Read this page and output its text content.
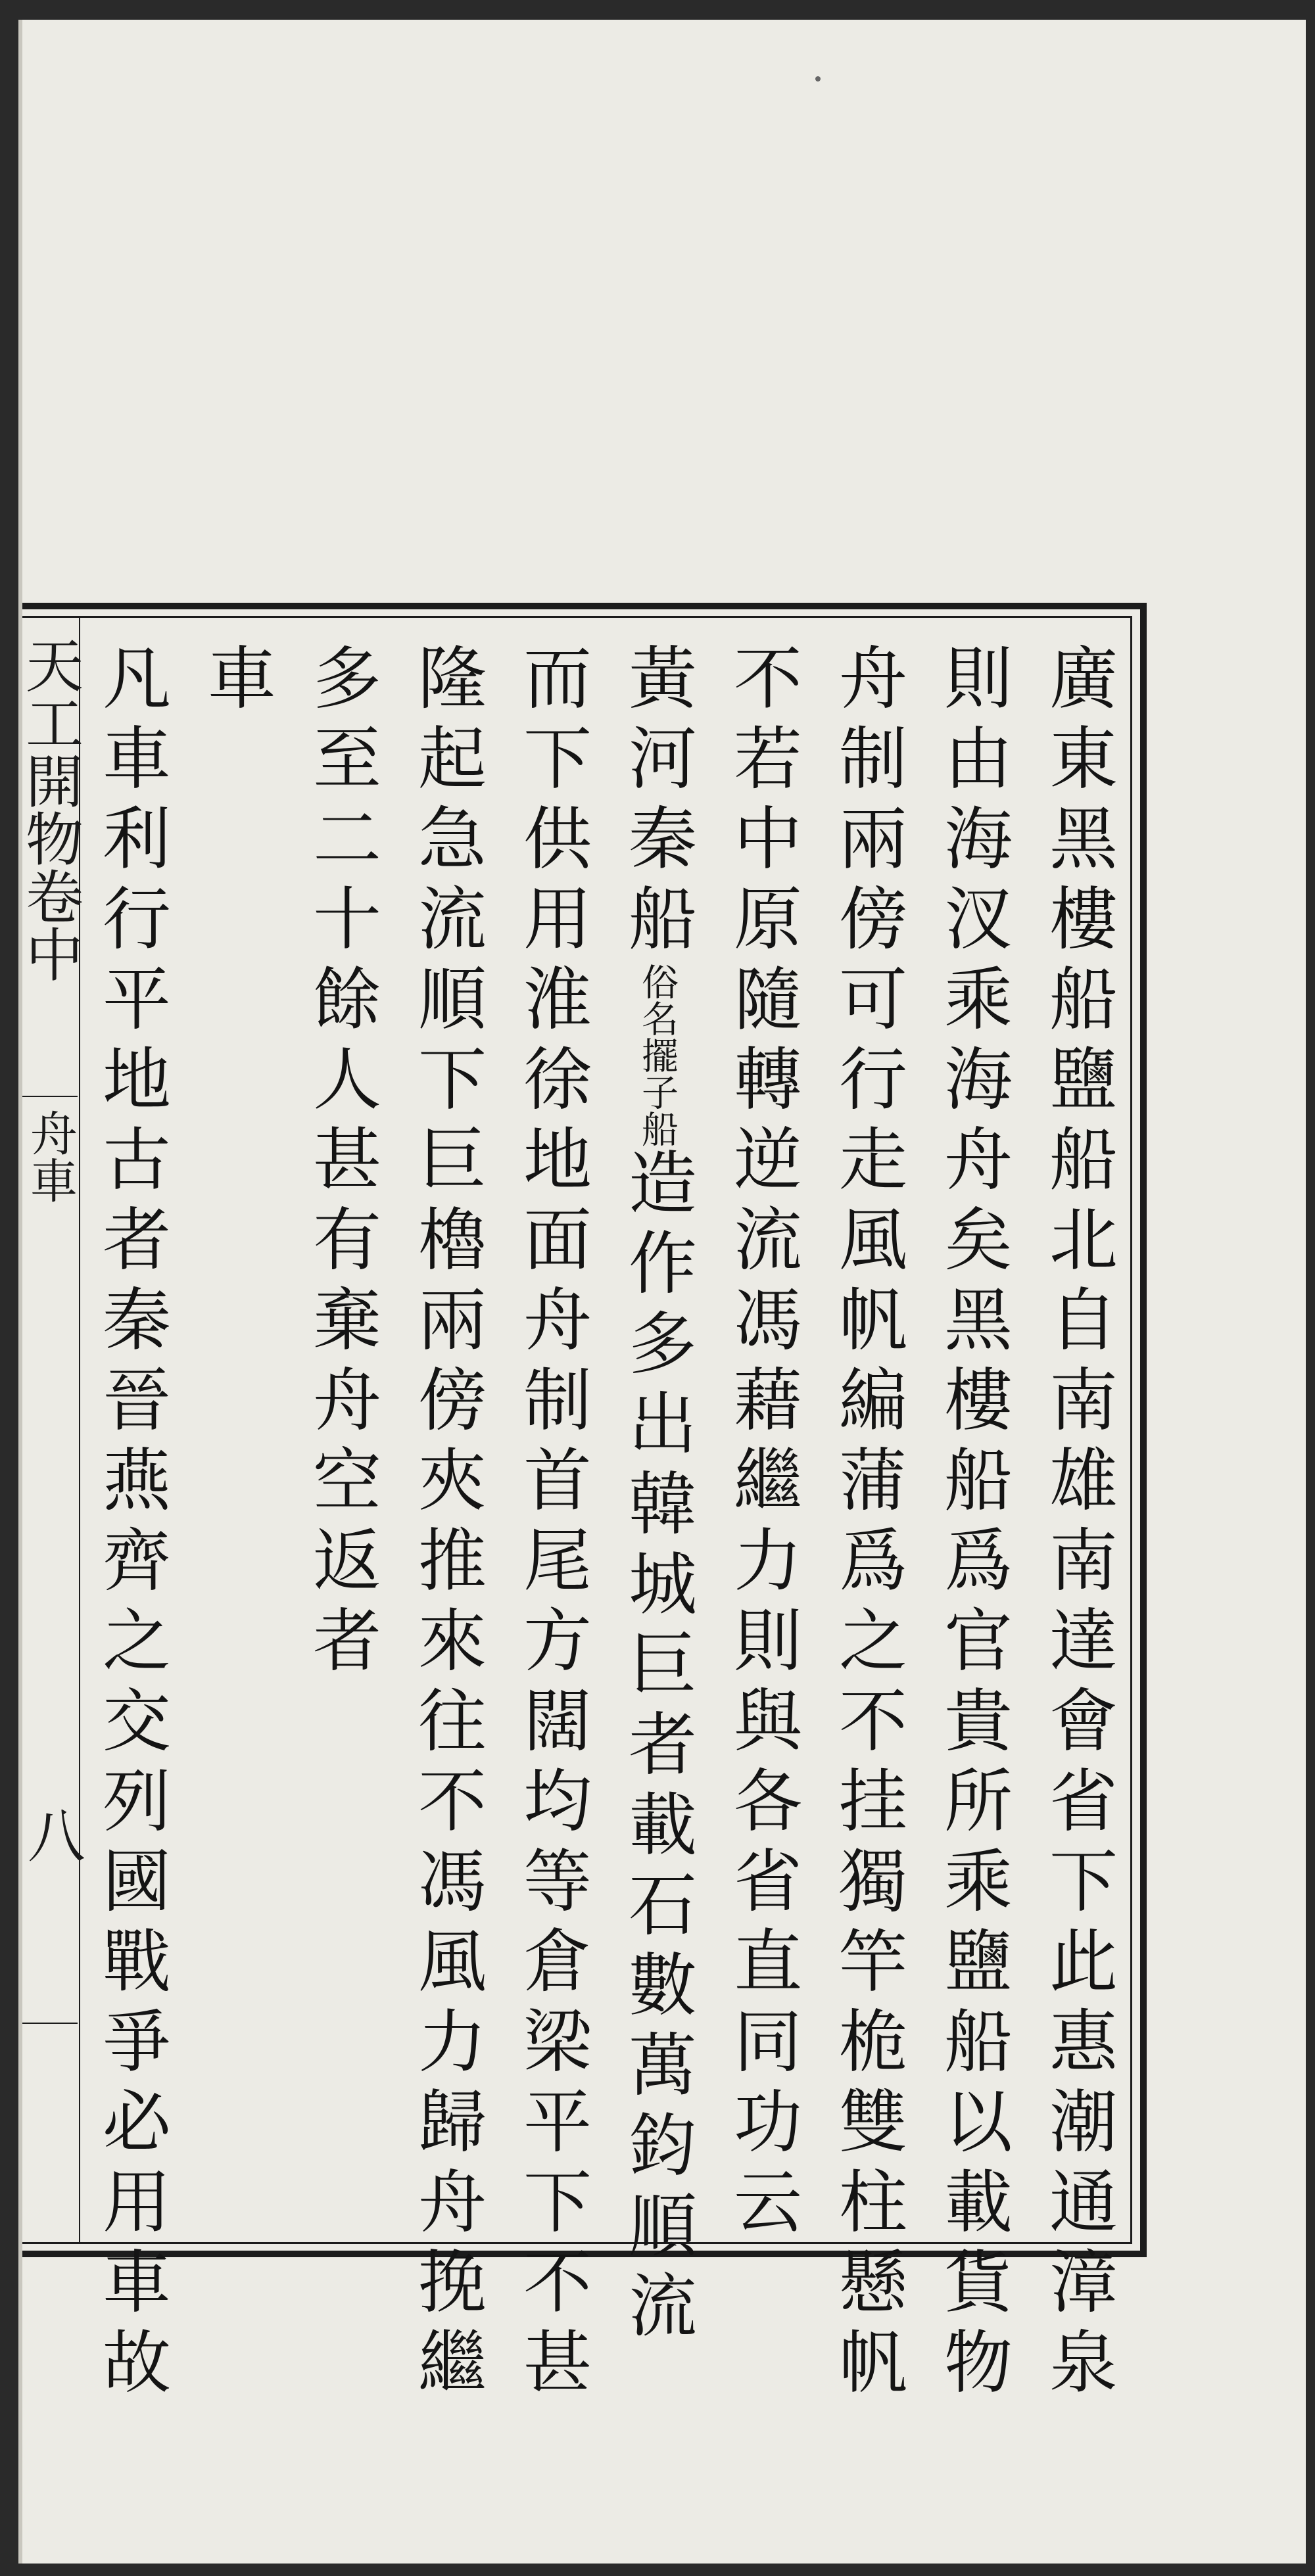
天工開物卷中
舟車
八	廣東黑樓船鹽船北自南雄南達會省下此惠潮通漳泉
則由海汊乘海舟矣黑樓船爲官貴所乘鹽船以載貨物
舟制兩傍可行走風帆編蒲爲之不挂獨竿桅雙柱懸帆
不若中原隨轉逆流馮藉繼力則與各省直同功云
黃河秦船俗名擺子船造作多出韓城巨者載石數萬鈞順流
而下供用淮徐地面舟制首尾方闊均等倉梁平下不甚
隆起急流順下巨櫓兩傍夾推來往不馮風力歸舟挽繼
多至二十餘人甚有棄舟空返者
車
凡車利行平地古者秦晉燕齊之交列國戰爭必用車故
